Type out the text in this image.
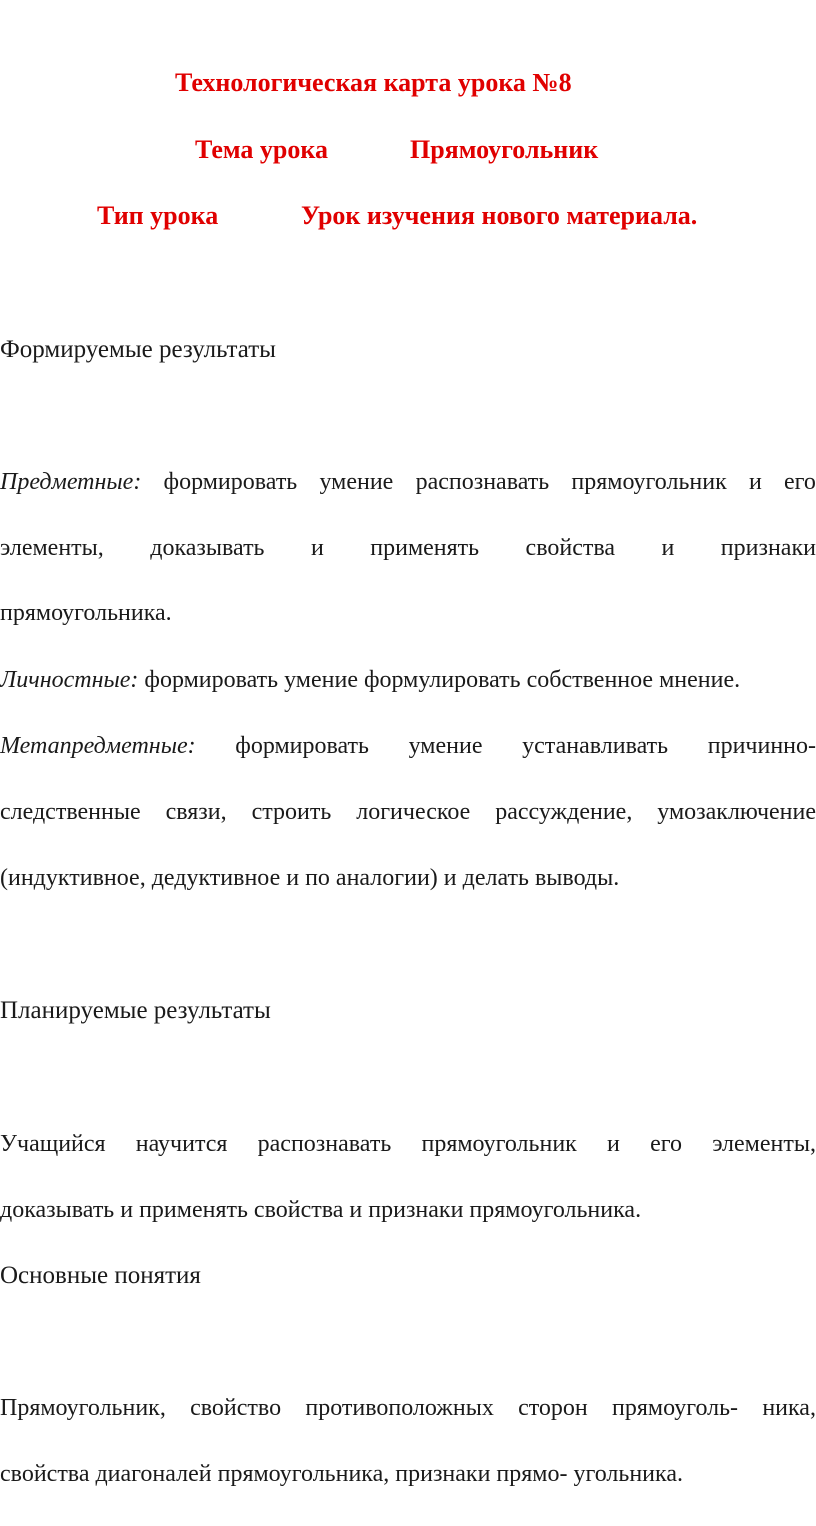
Технологическая карта урока №8
Тема урока	Прямоугольник
Тип урока	Урок изучения нового материала.
Формируемые результаты
Предметные: формировать умение распознавать прямоугольник и его
элементы, доказывать и применять свойства и признаки
прямоугольника.
Личностные: формировать умение формулировать собственное мнение.
Метапредметные: формировать умение устанавливать причинно-
следственные связи, строить логическое рассуждение, умозаключение
(индуктивное, дедуктивное и по аналогии) и делать выводы.
Планируемые результаты
Учащийся научится распознавать прямоугольник и его элементы,
доказывать и применять свойства и признаки прямоугольника.
Основные понятия
Прямоугольник, свойство противоположных сторон прямоуголь- ника,
свойства диагоналей прямоугольника, признаки прямо- угольника.
